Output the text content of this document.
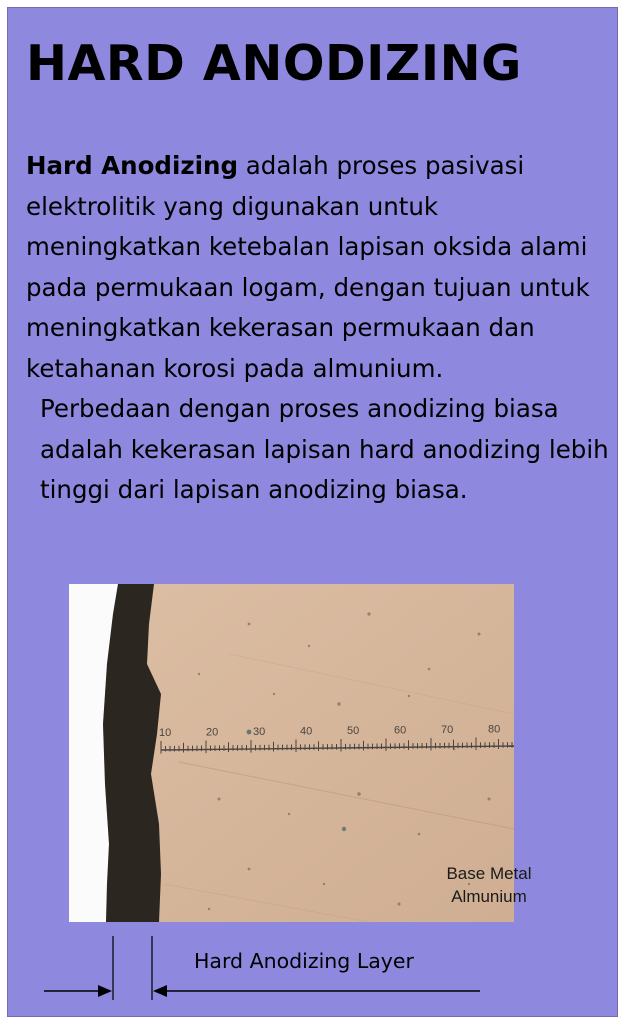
HARD ANODIZING

Hard Anodizing adalah proses pasivasi elektrolitik yang digunakan untuk meningkatkan ketebalan lapisan oksida alami pada permukaan logam, dengan tujuan untuk meningkatkan kekerasan permukaan dan ketahanan korosi pada almunium.

Perbedaan dengan proses anodizing biasa adalah kekerasan lapisan hard anodizing lebih tinggi dari lapisan anodizing biasa.

10	20	30	40	50	60	70	80
Base Metal
Almunium
Hard Anodizing Layer
